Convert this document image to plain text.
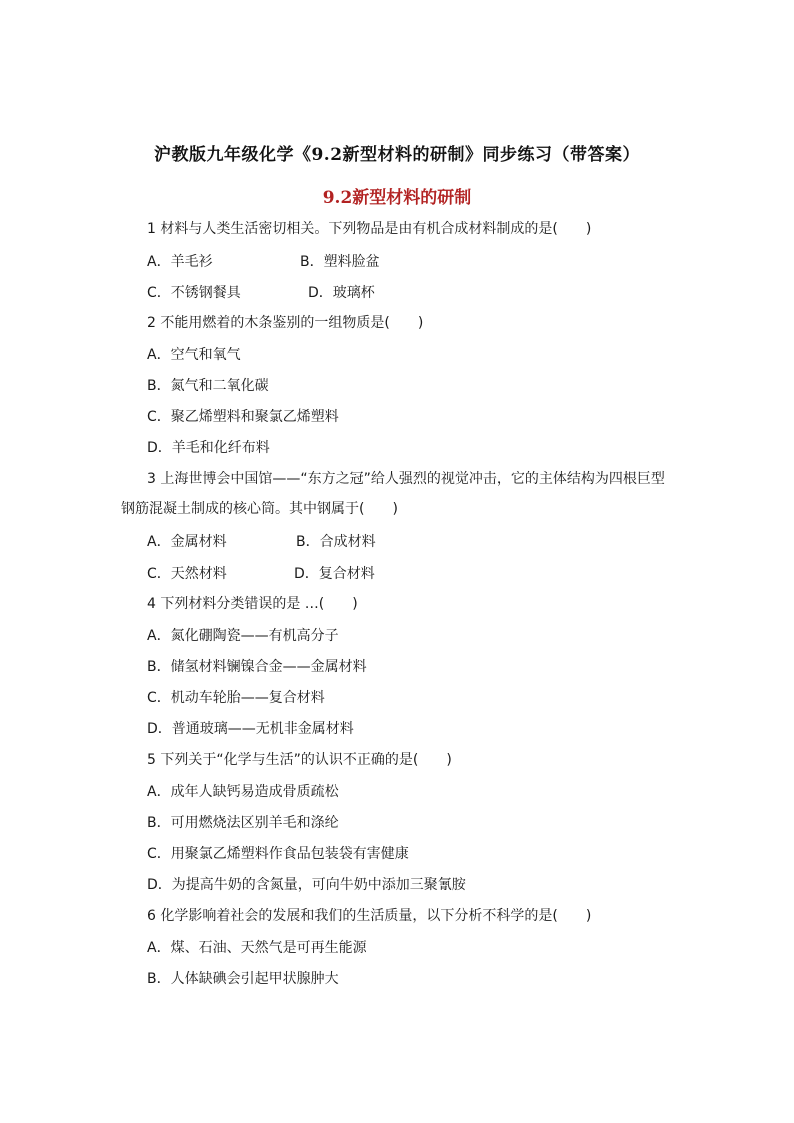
沪教版九年级化学《9.2新型材料的研制》同步练习（带答案）
9.2新型材料的研制
1 材料与人类生活密切相关。下列物品是由有机合成材料制成的是(　　)
A．羊毛衫	B．塑料脸盆
C．不锈钢餐具	D．玻璃杯
2 不能用燃着的木条鉴别的一组物质是(　　)
A．空气和氧气
B．氮气和二氧化碳
C．聚乙烯塑料和聚氯乙烯塑料
D．羊毛和化纤布料
3 上海世博会中国馆——“东方之冠”给人强烈的视觉冲击，它的主体结构为四根巨型
钢筋混凝土制成的核心筒。其中钢属于(　　)
A．金属材料	B．合成材料
C．天然材料	D．复合材料
4 下列材料分类错误的是 …(　　)
A．氮化硼陶瓷——有机高分子
B．储氢材料镧镍合金——金属材料
C．机动车轮胎——复合材料
D．普通玻璃——无机非金属材料
5 下列关于“化学与生活”的认识不正确的是(　　)
A．成年人缺钙易造成骨质疏松
B．可用燃烧法区别羊毛和涤纶
C．用聚氯乙烯塑料作食品包装袋有害健康
D．为提高牛奶的含氮量，可向牛奶中添加三聚氰胺
6 化学影响着社会的发展和我们的生活质量，以下分析不科学的是(　　)
A．煤、石油、天然气是可再生能源
B．人体缺碘会引起甲状腺肿大
